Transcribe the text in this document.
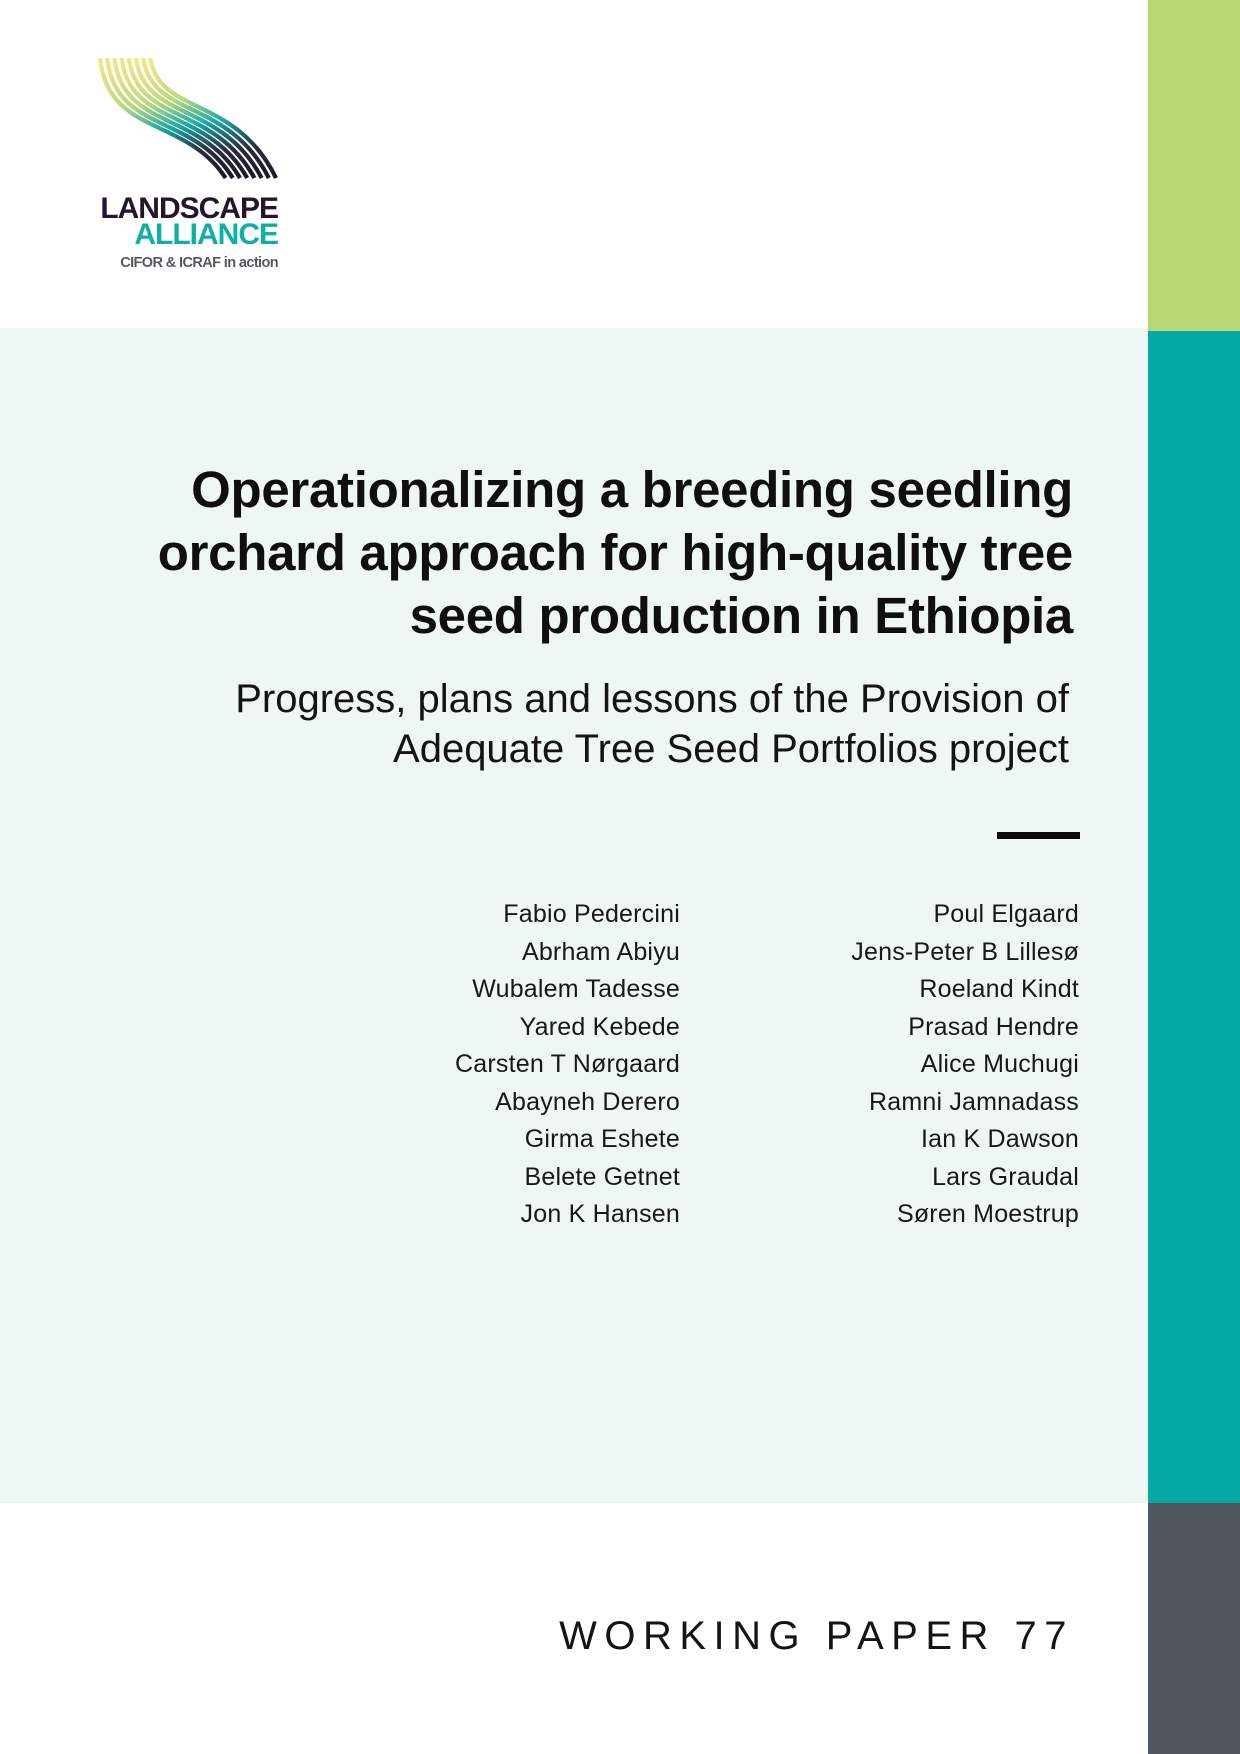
LANDSCAPE

ALLIANCE

CIFOR & ICRAF in action

Operationalizing a breeding seedling orchard approach for high-quality tree seed production in Ethiopia
Progress, plans and lessons of the Provision of Adequate Tree Seed Portfolios project
Fabio Pedercini
Abrham Abiyu
Wubalem Tadesse
Yared Kebede
Carsten T Nørgaard
Abayneh Derero
Girma Eshete
Belete Getnet
Jon K Hansen
Poul Elgaard
Jens-Peter B Lillesø
Roeland Kindt
Prasad Hendre
Alice Muchugi
Ramni Jamnadass
Ian K Dawson
Lars Graudal
Søren Moestrup

WORKING PAPER 77
